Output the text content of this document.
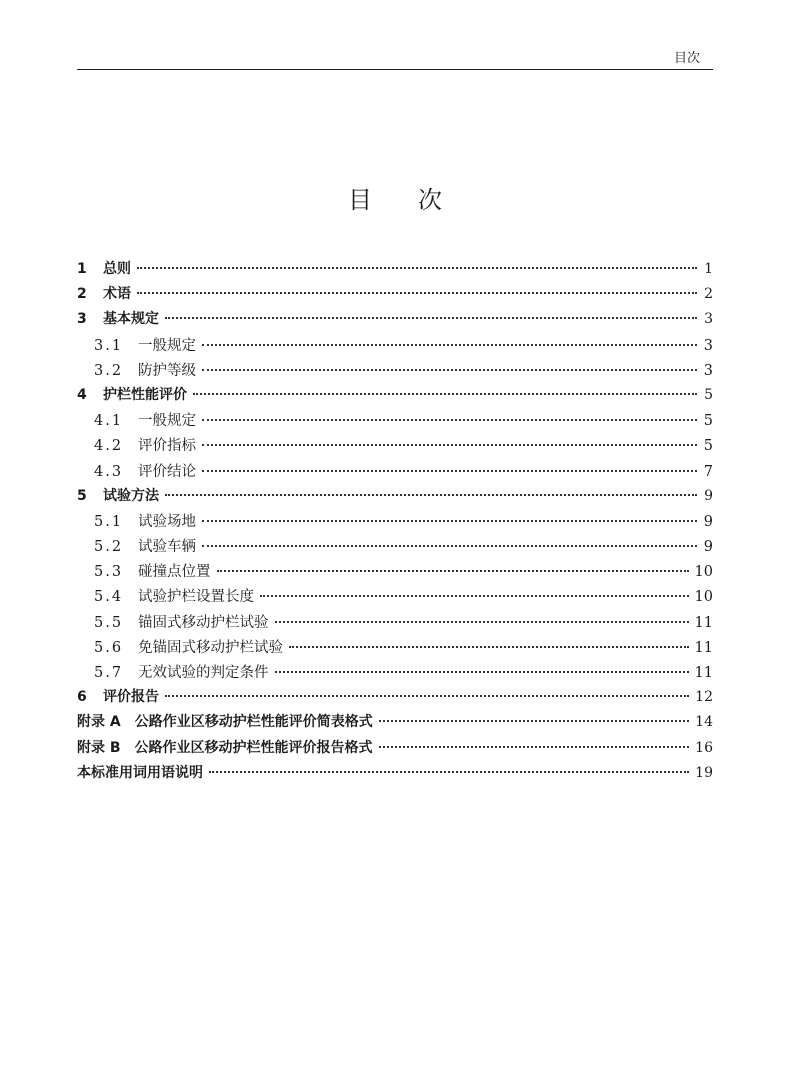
目次
目次
1	总则	1
2	术语	2
3	基本规定	3
3.1	一般规定	3
3.2	防护等级	3
4	护栏性能评价	5
4.1	一般规定	5
4.2	评价指标	5
4.3	评价结论	7
5	试验方法	9
5.1	试验场地	9
5.2	试验车辆	9
5.3	碰撞点位置	10
5.4	试验护栏设置长度	10
5.5	锚固式移动护栏试验	11
5.6	免锚固式移动护栏试验	11
5.7	无效试验的判定条件	11
6	评价报告	12
附录 A 公路作业区移动护栏性能评价简表格式	14
附录 B 公路作业区移动护栏性能评价报告格式	16
本标准用词用语说明	19
